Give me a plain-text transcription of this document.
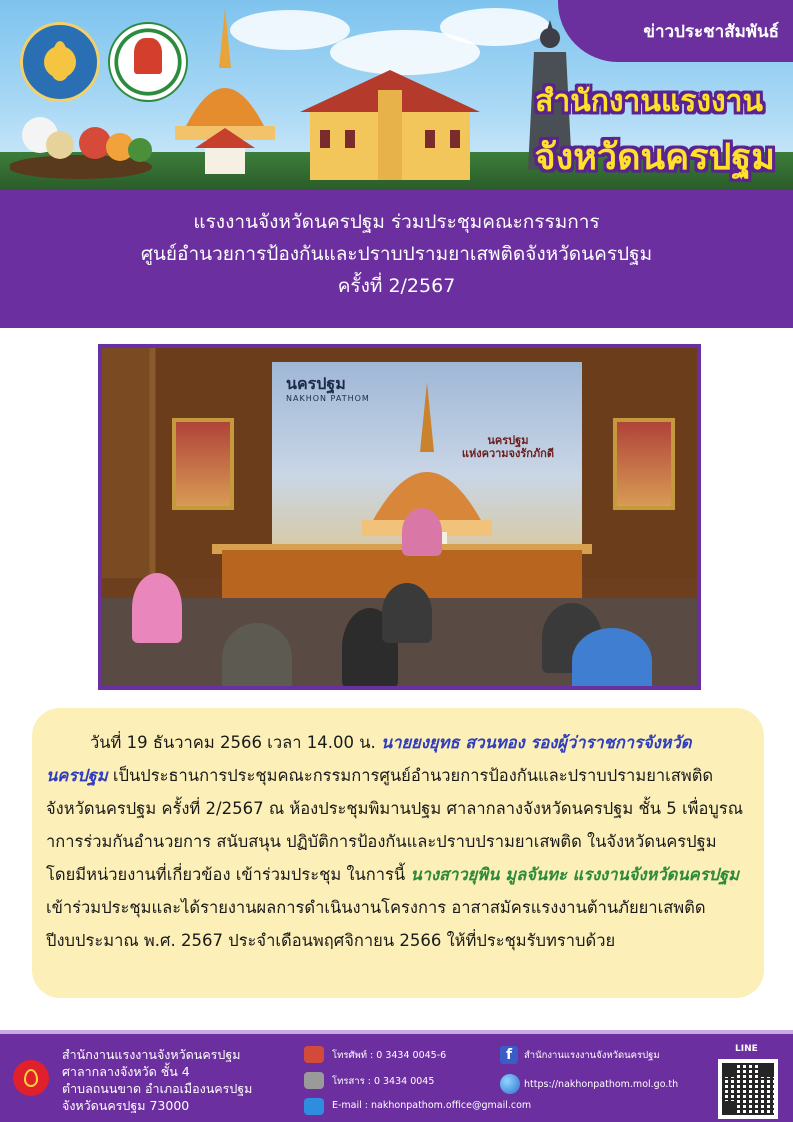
ข่าวประชาสัมพันธ์
สำนักงานแรงงาน
จังหวัดนครปฐม
แรงงานจังหวัดนครปฐม ร่วมประชุมคณะกรรมการ
ศูนย์อำนวยการป้องกันและปราบปรามยาเสพติดจังหวัดนครปฐม
ครั้งที่ 2/2567
นครปฐม
NAKHON PATHOM
นครปฐม
แห่งความจงรักภักดี

วันที่ 19 ธันวาคม 2566 เวลา 14.00 น. นายยงยุทธ สวนทอง รองผู้ว่าราชการจังหวัดนครปฐม เป็นประธานการประชุมคณะกรรมการศูนย์อำนวยการป้องกันและปราบปรามยาเสพติด จังหวัดนครปฐม ครั้งที่ 2/2567 ณ ห้องประชุมพิมานปฐม ศาลากลางจังหวัดนครปฐม ชั้น 5 เพื่อบูรณาการร่วมกันอำนวยการ สนับสนุน ปฏิบัติการป้องกันและปราบปรามยาเสพติด ในจังหวัดนครปฐม โดยมีหน่วยงานที่เกี่ยวข้อง เข้าร่วมประชุม ในการนี้ นางสาวยุพิน มูลจันทะ แรงงานจังหวัดนครปฐม เข้าร่วมประชุมและได้รายงานผลการดำเนินงานโครงการ อาสาสมัครแรงงานต้านภัยยาเสพติด ปีงบประมาณ พ.ศ. 2567 ประจำเดือนพฤศจิกายน 2566 ให้ที่ประชุมรับทราบด้วย

สำนักงานแรงงานจังหวัดนครปฐม
ศาลากลางจังหวัด ชั้น 4
ตำบลถนนขาด อำเภอเมืองนครปฐม
จังหวัดนครปฐม 73000
โทรศัพท์ : 0 3434 0045-6
โทรสาร : 0 3434 0045
E-mail : nakhonpathom.office@gmail.com
f	สำนักงานแรงงานจังหวัดนครปฐม
https://nakhonpathom.mol.go.th
LINE
